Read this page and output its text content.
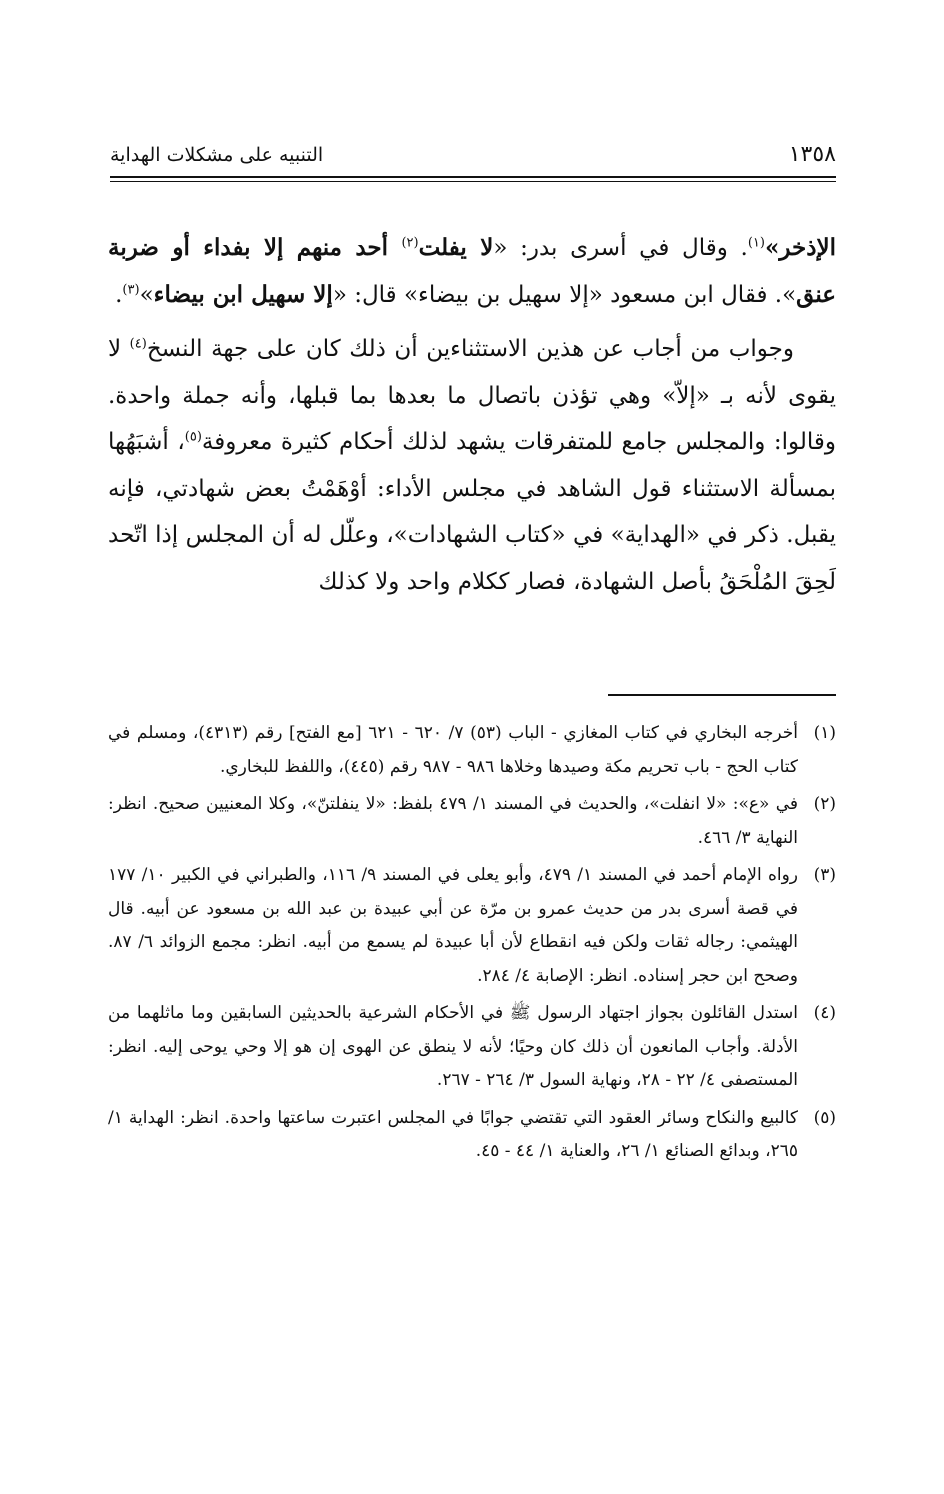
١٣٥٨
التنبيه على مشكلات الهداية

الإذخر»$^{(١)}$. وقال في أسرى بدر: «لا يفلت$^{(٢)}$ أحد منهم إلا بفداء أو ضربة عنق». فقال ابن مسعود «إلا سهيل بن بيضاء» قال: «إلا سهيل ابن بيضاء»$^{(٣)}$.

وجواب من أجاب عن هذين الاستثناءين أن ذلك كان على جهة النسخ$^{(٤)}$ لا يقوى لأنه بـ «إلاّ» وهي تؤذن باتصال ما بعدها بما قبلها، وأنه جملة واحدة. وقالوا: والمجلس جامع للمتفرقات يشهد لذلك أحكام كثيرة معروفة$^{(٥)}$، أشبَهُها بمسألة الاستثناء قول الشاهد في مجلس الأداء: أوْهَمْتُ بعض شهادتي، فإنه يقبل. ذكر في «الهداية» في «كتاب الشهادات»، وعلّل له أن المجلس إذا اتّحد لَحِقَ المُلْحَقُ بأصل الشهادة، فصار ككلام واحد ولا كذلك

(١)
أخرجه البخاري في كتاب المغازي - الباب (٥٣) ٧/ ٦٢٠ - ٦٢١ [مع الفتح] رقم (٤٣١٣)، ومسلم في كتاب الحج - باب تحريم مكة وصيدها وخلاها ٩٨٦ - ٩٨٧ رقم (٤٤٥)، واللفظ للبخاري.
(٢)
في «ع»: «لا انفلت»، والحديث في المسند ١/ ٤٧٩ بلفظ: «لا ينفلتنّ»، وكلا المعنيين صحيح. انظر: النهاية ٣/ ٤٦٦.
(٣)
رواه الإمام أحمد في المسند ١/ ٤٧٩، وأبو يعلى في المسند ٩/ ١١٦، والطبراني في الكبير ١٠/ ١٧٧ في قصة أسرى بدر من حديث عمرو بن مرّة عن أبي عبيدة بن عبد الله بن مسعود عن أبيه. قال الهيثمي: رجاله ثقات ولكن فيه انقطاع لأن أبا عبيدة لم يسمع من أبيه. انظر: مجمع الزوائد ٦/ ٨٧. وصحح ابن حجر إسناده. انظر: الإصابة ٤/ ٢٨٤.
(٤)
استدل القائلون بجواز اجتهاد الرسول ﷺ في الأحكام الشرعية بالحديثين السابقين وما ماثلهما من الأدلة. وأجاب المانعون أن ذلك كان وحيًا؛ لأنه لا ينطق عن الهوى إن هو إلا وحي يوحى إليه. انظر: المستصفى ٤/ ٢٢ - ٢٨، ونهاية السول ٣/ ٢٦٤ - ٢٦٧.
(٥)
كالبيع والنكاح وسائر العقود التي تقتضي جوابًا في المجلس اعتبرت ساعتها واحدة. انظر: الهداية ١/ ٢٦٥، وبدائع الصنائع ١/ ٢٦، والعناية ١/ ٤٤ - ٤٥.
